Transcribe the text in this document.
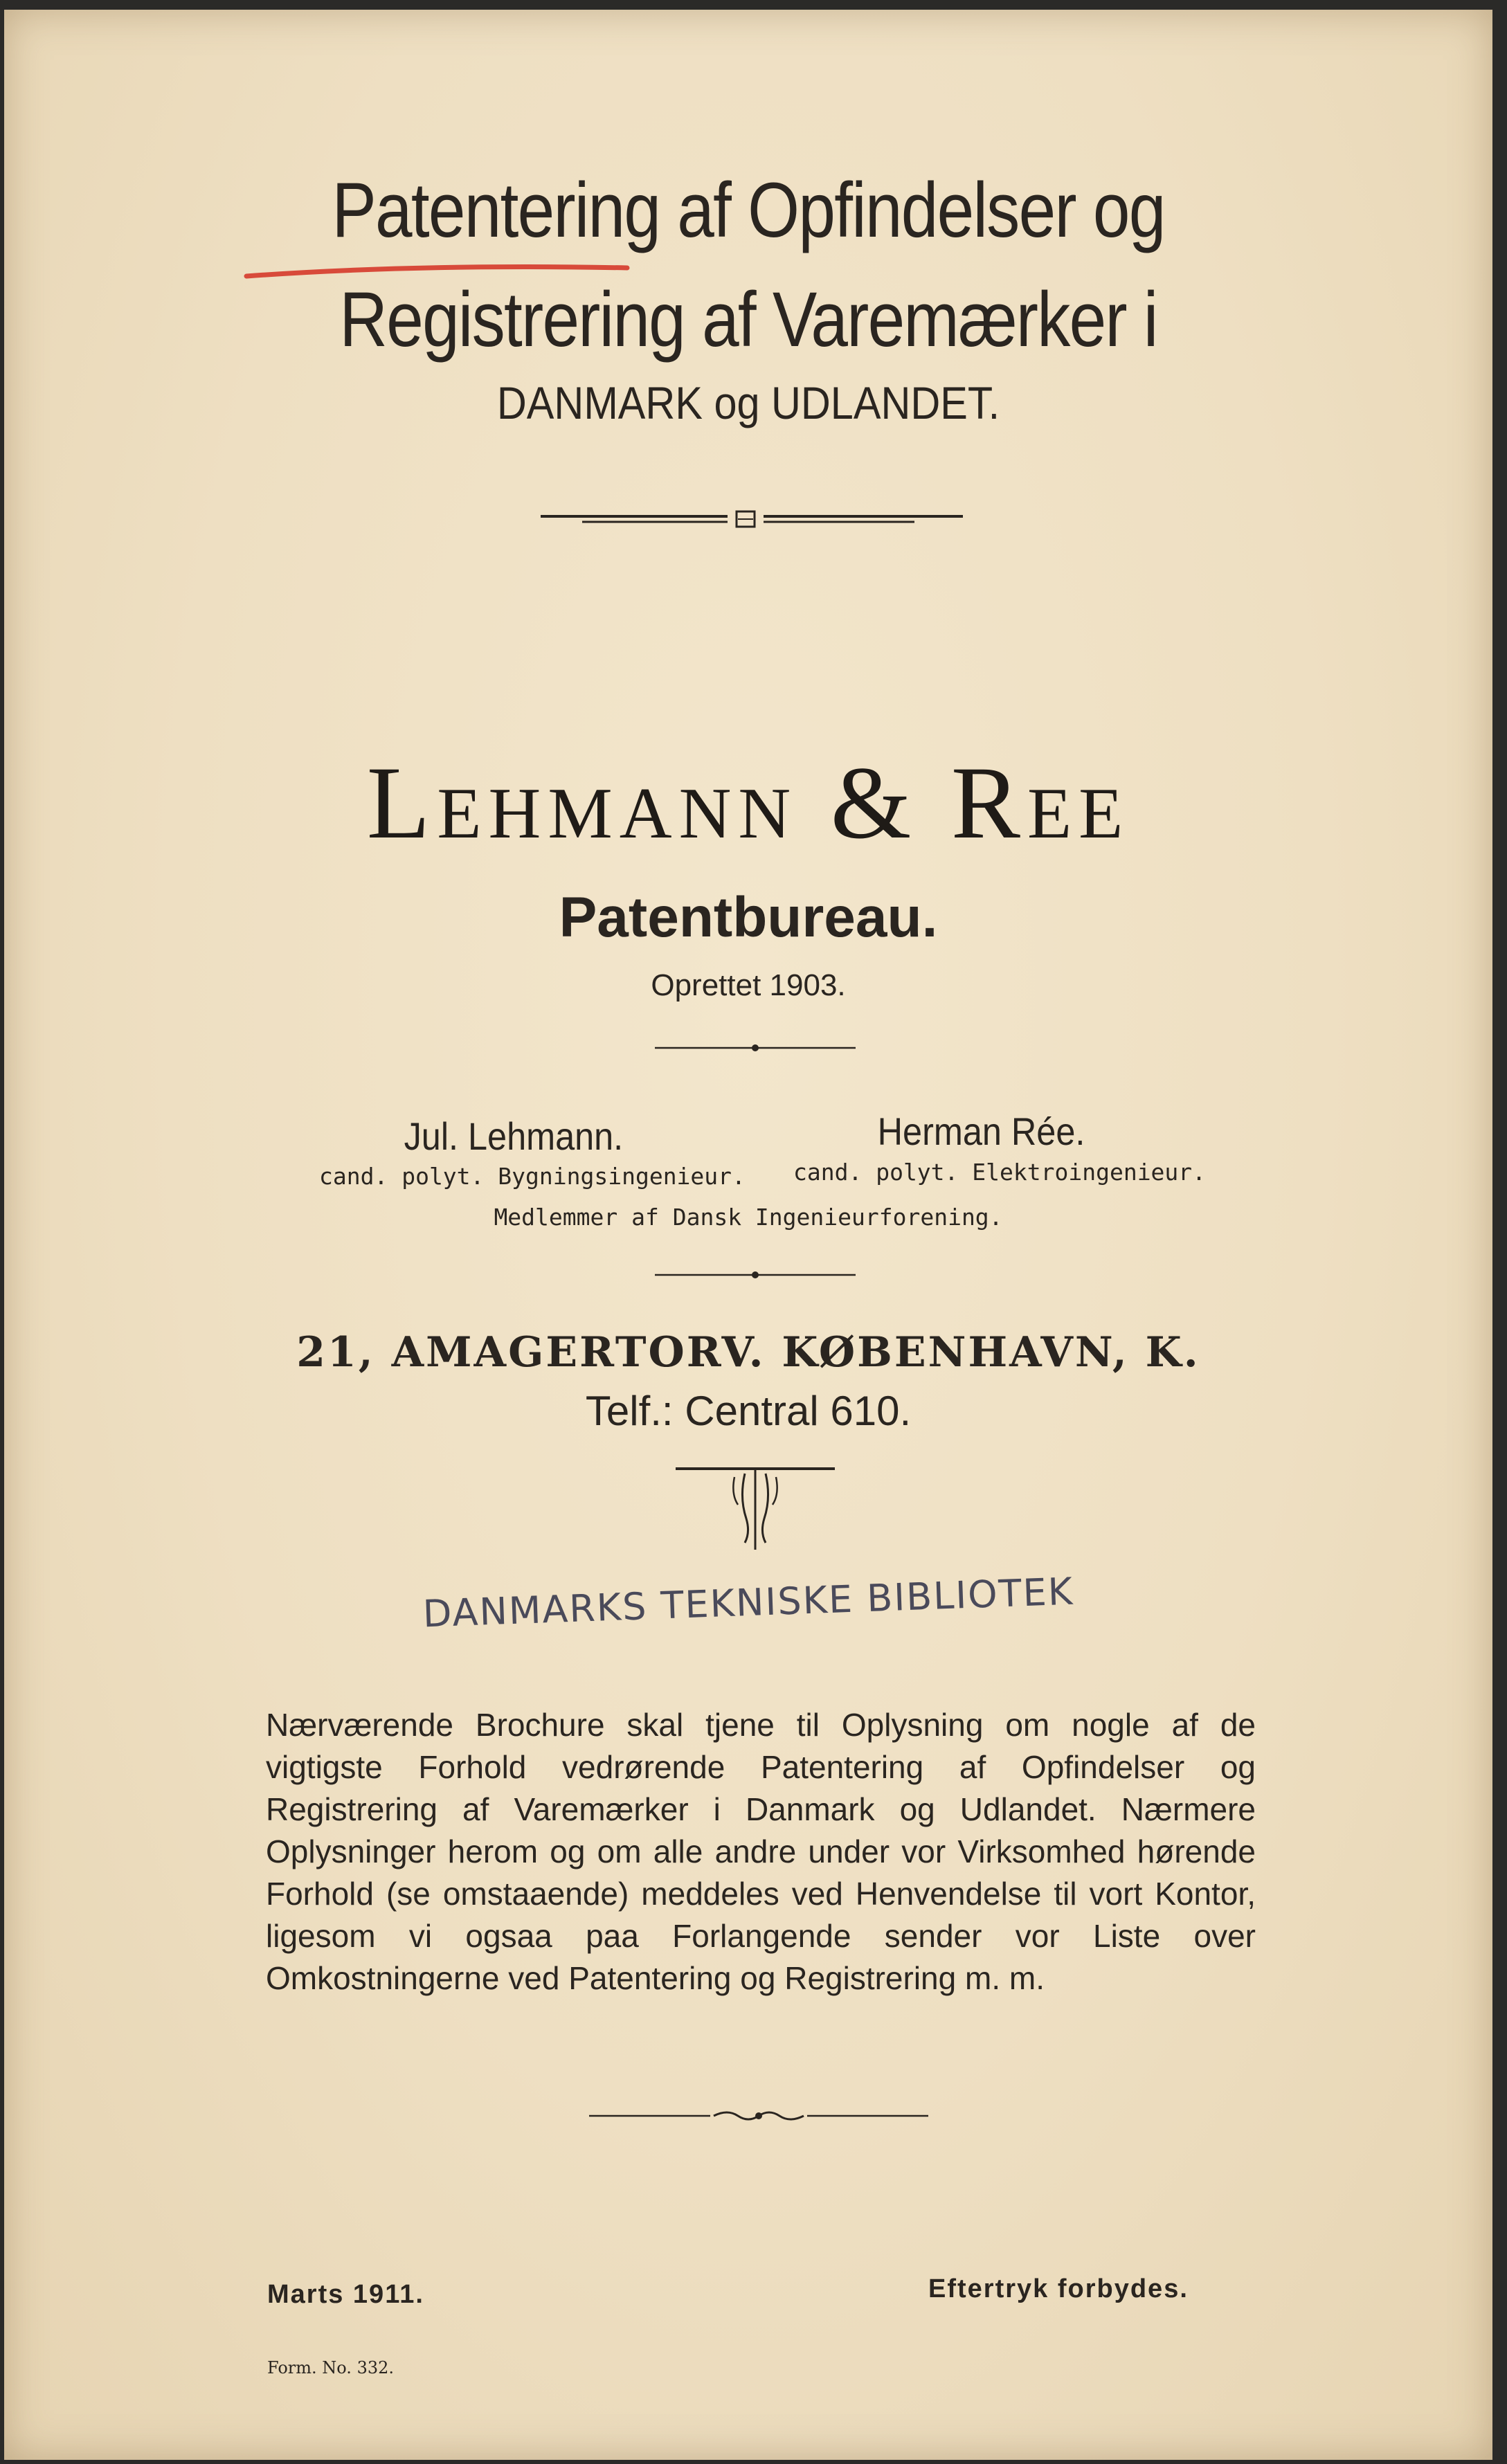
Patentering af Opfindelser og
Registrering af Varemærker i
DANMARK og UDLANDET.
Lehmann & Ree
Patentbureau.
Oprettet 1903.
Jul. Lehmann.	Herman Rée.
cand. polyt. Bygningsingenieur. cand. polyt. Elektroingenieur.
Medlemmer af Dansk Ingenieurforening.
21, AMAGERTORV. KØBENHAVN, K.
Telf.: Central 610.
DANMARKS TEKNISKE BIBLIOTEK
Nærværende Brochure skal tjene til Oplysning om nogle af de vigtigste Forhold vedrørende Patentering af Opfindelser og Registrering af Varemærker i Danmark og Udlandet. Nærmere Oplysninger herom og om alle andre under vor Virksomhed hørende Forhold (se omstaaende) meddeles ved Henvendelse til vort Kontor, ligesom vi ogsaa paa Forlangende sender vor Liste over Omkostningerne ved Patentering og Registrering m. m.
Marts 1911.	Eftertryk forbydes.
Form. No. 332.
